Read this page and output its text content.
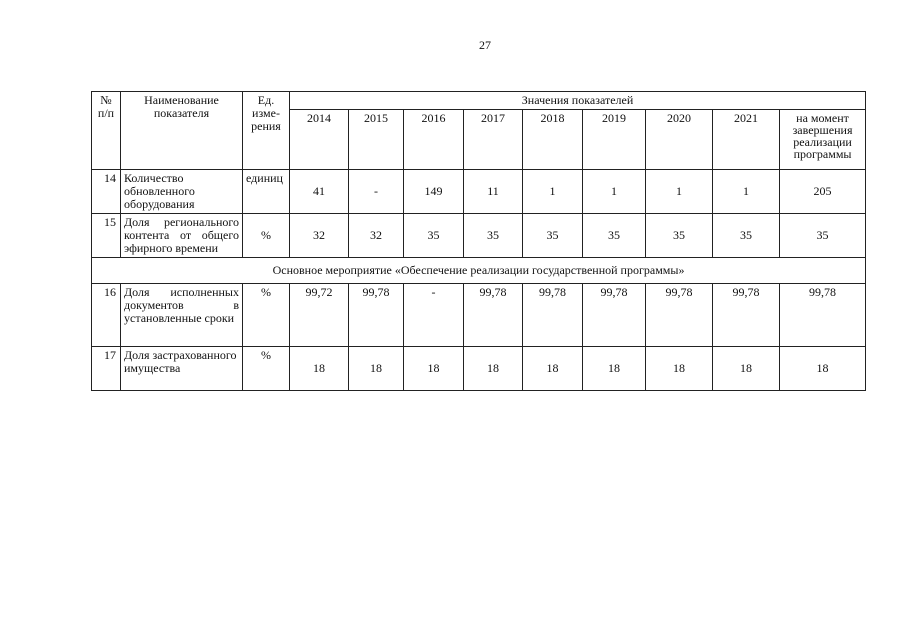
27
№ п/п	Наименование показателя	Ед. изме-рения	Значения показателей								
			2014	2015	2016	2017	2018	2019	2020	2021	на момент завершения реализации программы
14	Количество обновленного оборудования	единиц	41	-	149	11	1	1	1	1	205
15	Доля регионального контента от общего эфирного времени	%	32	32	35	35	35	35	35	35	35
Основное мероприятие «Обеспечение реализации государственной программы»											
16	Доля исполненных документов в установленные сроки	%	99,72	99,78	-	99,78	99,78	99,78	99,78	99,78	99,78
17	Доля застрахованного имущества	%	18	18	18	18	18	18	18	18	18
